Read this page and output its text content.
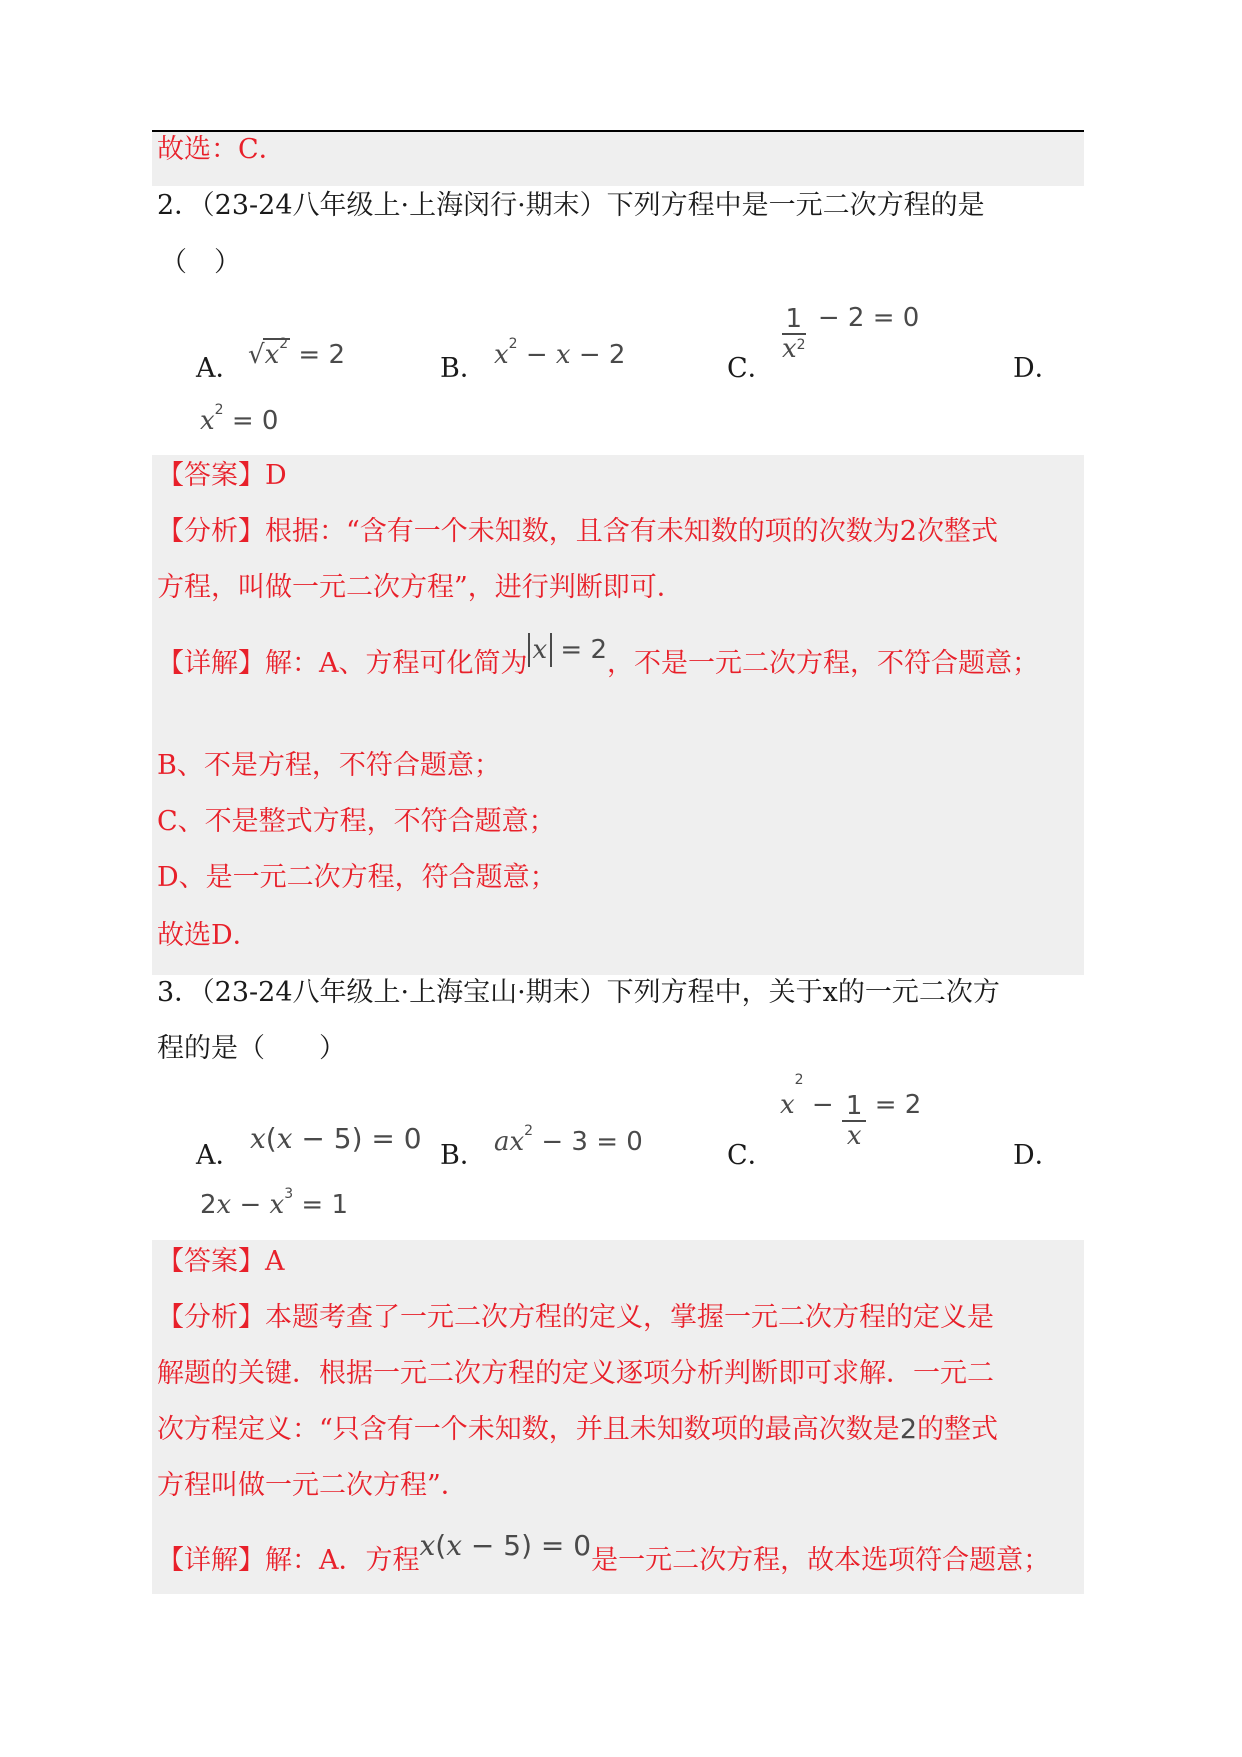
故选：C．
2．（23-24八年级上·上海闵行·期末）下列方程中是一元二次方程的是
（　）
A． $√x^2 = 2$	B． $x^2 - x - 2$	C．
$\frac{1}{x^2} - 2 = 0$
D．
$x^2 = 0$
【答案】D
【分析】根据：“含有一个未知数，且含有未知数的项的次数为2次整式
方程，叫做一元二次方程”，进行判断即可．
【详解】解：A、方程可化简为 x = 2，不是一元二次方程，不符合题意；
B、不是方程，不符合题意；
C、不是整式方程，不符合题意；
D、是一元二次方程，符合题意；
故选D．
3．（23-24八年级上·上海宝山·期末）下列方程中，关于x的一元二次方
程的是（　　）
A．
x(x − 5) = 0
B． $ax^2 - 3 = 0$	C．
$x^2 - \frac{1}{x} = 2$
D．
$2x - x^3 = 1$
【答案】A
【分析】本题考查了一元二次方程的定义，掌握一元二次方程的定义是
解题的关键．根据一元二次方程的定义逐项分析判断即可求解．一元二
次方程定义：“只含有一个未知数，并且未知数项的最高次数是2的整式
方程叫做一元二次方程”．
【详解】解：A．方程x(x − 5) = 0是一元二次方程，故本选项符合题意；
